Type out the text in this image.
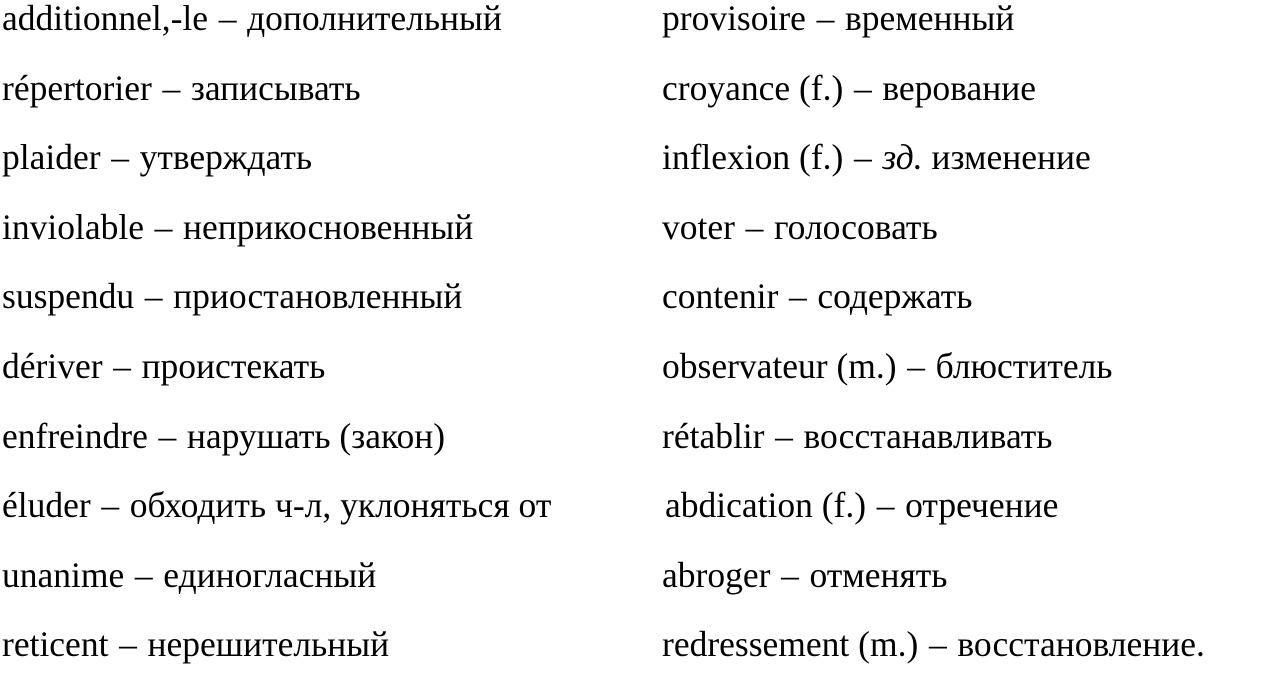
additionnel,-le – дополнительный
répertorier – записывать
plaider – утверждать
inviolable – неприкосновенный
suspendu – приостановленный
dériver – проистекать
enfreindre – нарушать (закон)
éluder – обходить ч-л, уклоняться от
unanime – единогласный
reticent – нерешительный
provisoire – временный
croyance (f.) – верование
inflexion (f.) – зд. изменение
voter – голосовать
contenir – содержать
observateur (m.) – блюститель
rétablir – восстанавливать
abdication (f.) – отречение
abroger – отменять
redressement (m.) – восстановление.
